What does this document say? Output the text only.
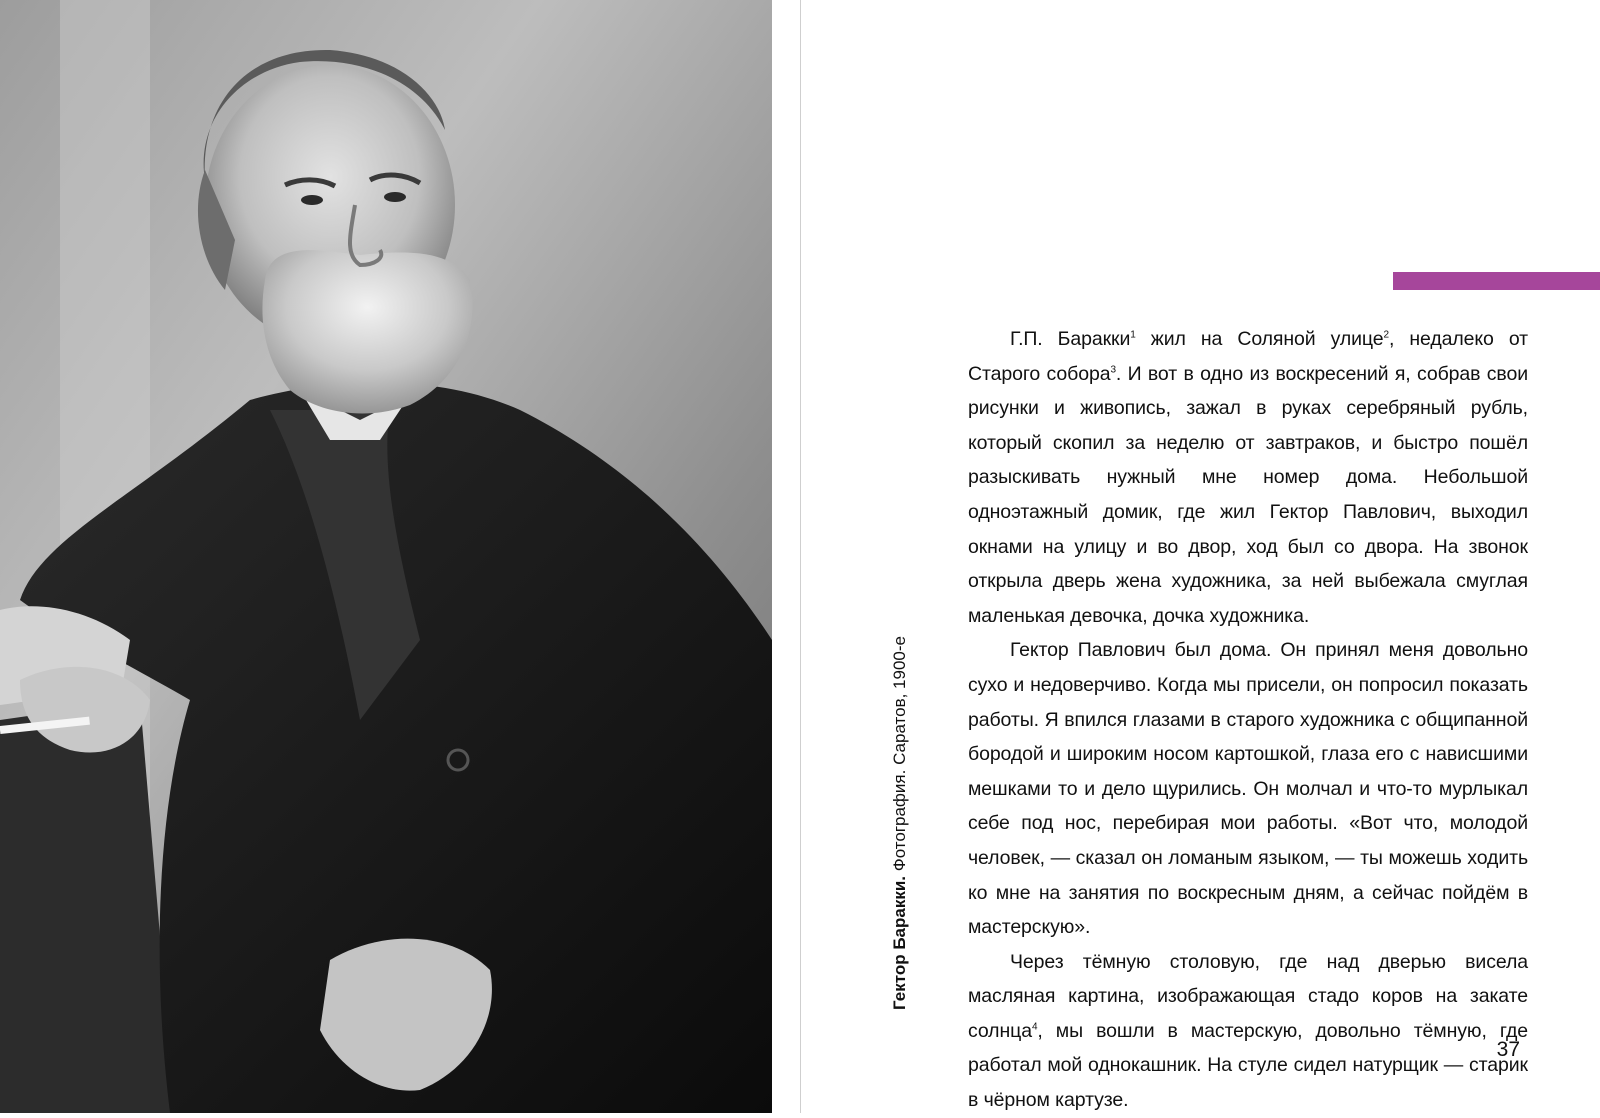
Гектор Баракки. Фотография. Саратов, 1900-е

Г.П. Баракки$^1$ жил на Соляной улице$^2$, недалеко от Старого собора$^3$. И вот в одно из воскресений я, собрав свои рисунки и живопись, зажал в руках серебряный рубль, который скопил за неделю от завтраков, и быстро пошёл разыскивать нужный мне номер дома. Небольшой одноэтажный домик, где жил Гектор Павлович, выходил окнами на улицу и во двор, ход был со двора. На звонок открыла дверь жена художника, за ней выбежала смуглая маленькая девочка, дочка художника.

Гектор Павлович был дома. Он принял меня довольно сухо и недоверчиво. Когда мы присели, он попросил показать работы. Я впился глазами в старого художника с общипанной бородой и широким носом картошкой, глаза его с нависшими мешками то и дело щурились. Он молчал и что-то мурлыкал себе под нос, перебирая мои работы. «Вот что, молодой человек, — сказал он ломаным языком, — ты можешь ходить ко мне на занятия по воскресным дням, а сейчас пойдём в мастерскую».

Через тёмную столовую, где над дверью висела масляная картина, изображающая стадо коров на закате солнца$^4$, мы вошли в мастерскую, довольно тёмную, где работал мой однокашник. На стуле сидел натурщик — старик в чёрном картузе.

37
